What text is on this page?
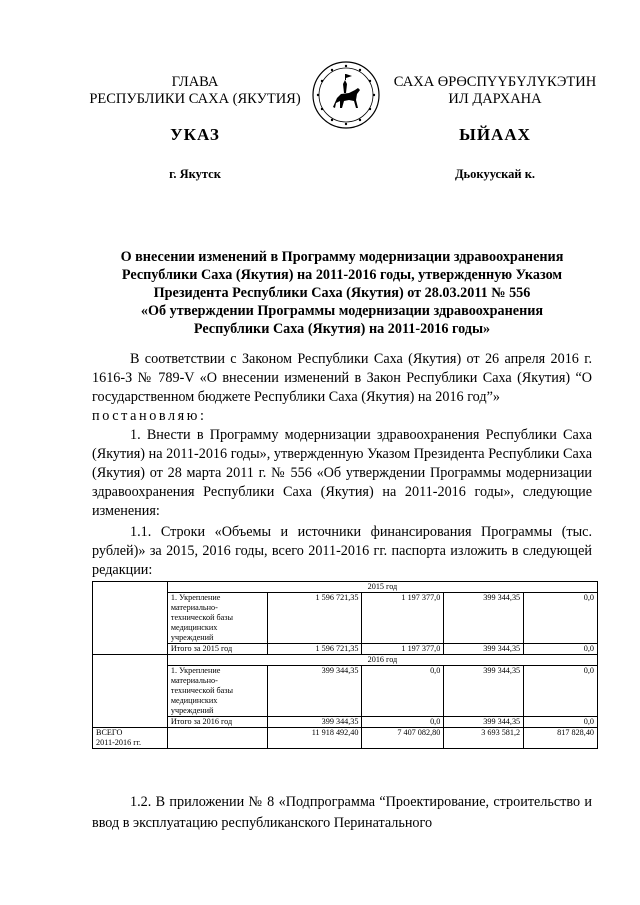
ГЛАВА
РЕСПУБЛИКИ САХА (ЯКУТИЯ)
САХА ӨРӨСПҮҮБҮЛҮКЭТИН
ИЛ ДАРХАНА
УКАЗ	ЫЙААХ
г. Якутск	Дьокуускай к.
О внесении изменений в Программу модернизации здравоохранения
Республики Саха (Якутия) на 2011-2016 годы, утвержденную Указом
Президента Республики Саха (Якутия) от 28.03.2011 № 556
«Об утверждении Программы модернизации здравоохранения
Республики Саха (Якутия) на 2011-2016 годы»
В соответствии с Законом Республики Саха (Якутия) от 26 апреля 2016 г. 1616-З № 789-V «О внесении изменений в Закон Республики Саха (Якутия) “О государственном бюджете Республики Саха (Якутия) на 2016 год”»
постановляю:
1. Внести в Программу модернизации здравоохранения Республики Саха (Якутия) на 2011-2016 годы», утвержденную Указом Президента Республики Саха (Якутия) от 28 марта 2011 г. № 556 «Об утверждении Программы модернизации здравоохранения Республики Саха (Якутия) на 2011-2016 годы», следующие изменения:
1.1. Строки «Объемы и источники финансирования Программы (тыс. рублей)» за 2015, 2016 годы, всего 2011-2016 гг. паспорта изложить в следующей редакции:
	2015 год				

	1. Укрепление
материально-
технической базы
медицинских
учреждений	1 596 721,35	1 197 377,0	399 344,35	0,0
	Итого за 2015 год	1 596 721,35	1 197 377,0	399 344,35	0,0
	2016 год				

	1. Укрепление
материально-
технической базы
медицинских
учреждений	399 344,35	0,0	399 344,35	0,0
	Итого за 2016 год	399 344,35	0,0	399 344,35	0,0

ВСЕГО
2011-2016 гг.		11 918 492,40	7 407 082,80	3 693 581,2	817 828,40
1.2. В приложении № 8 «Подпрограмма “Проектирование, строительство и ввод в эксплуатацию республиканского Перинатального
